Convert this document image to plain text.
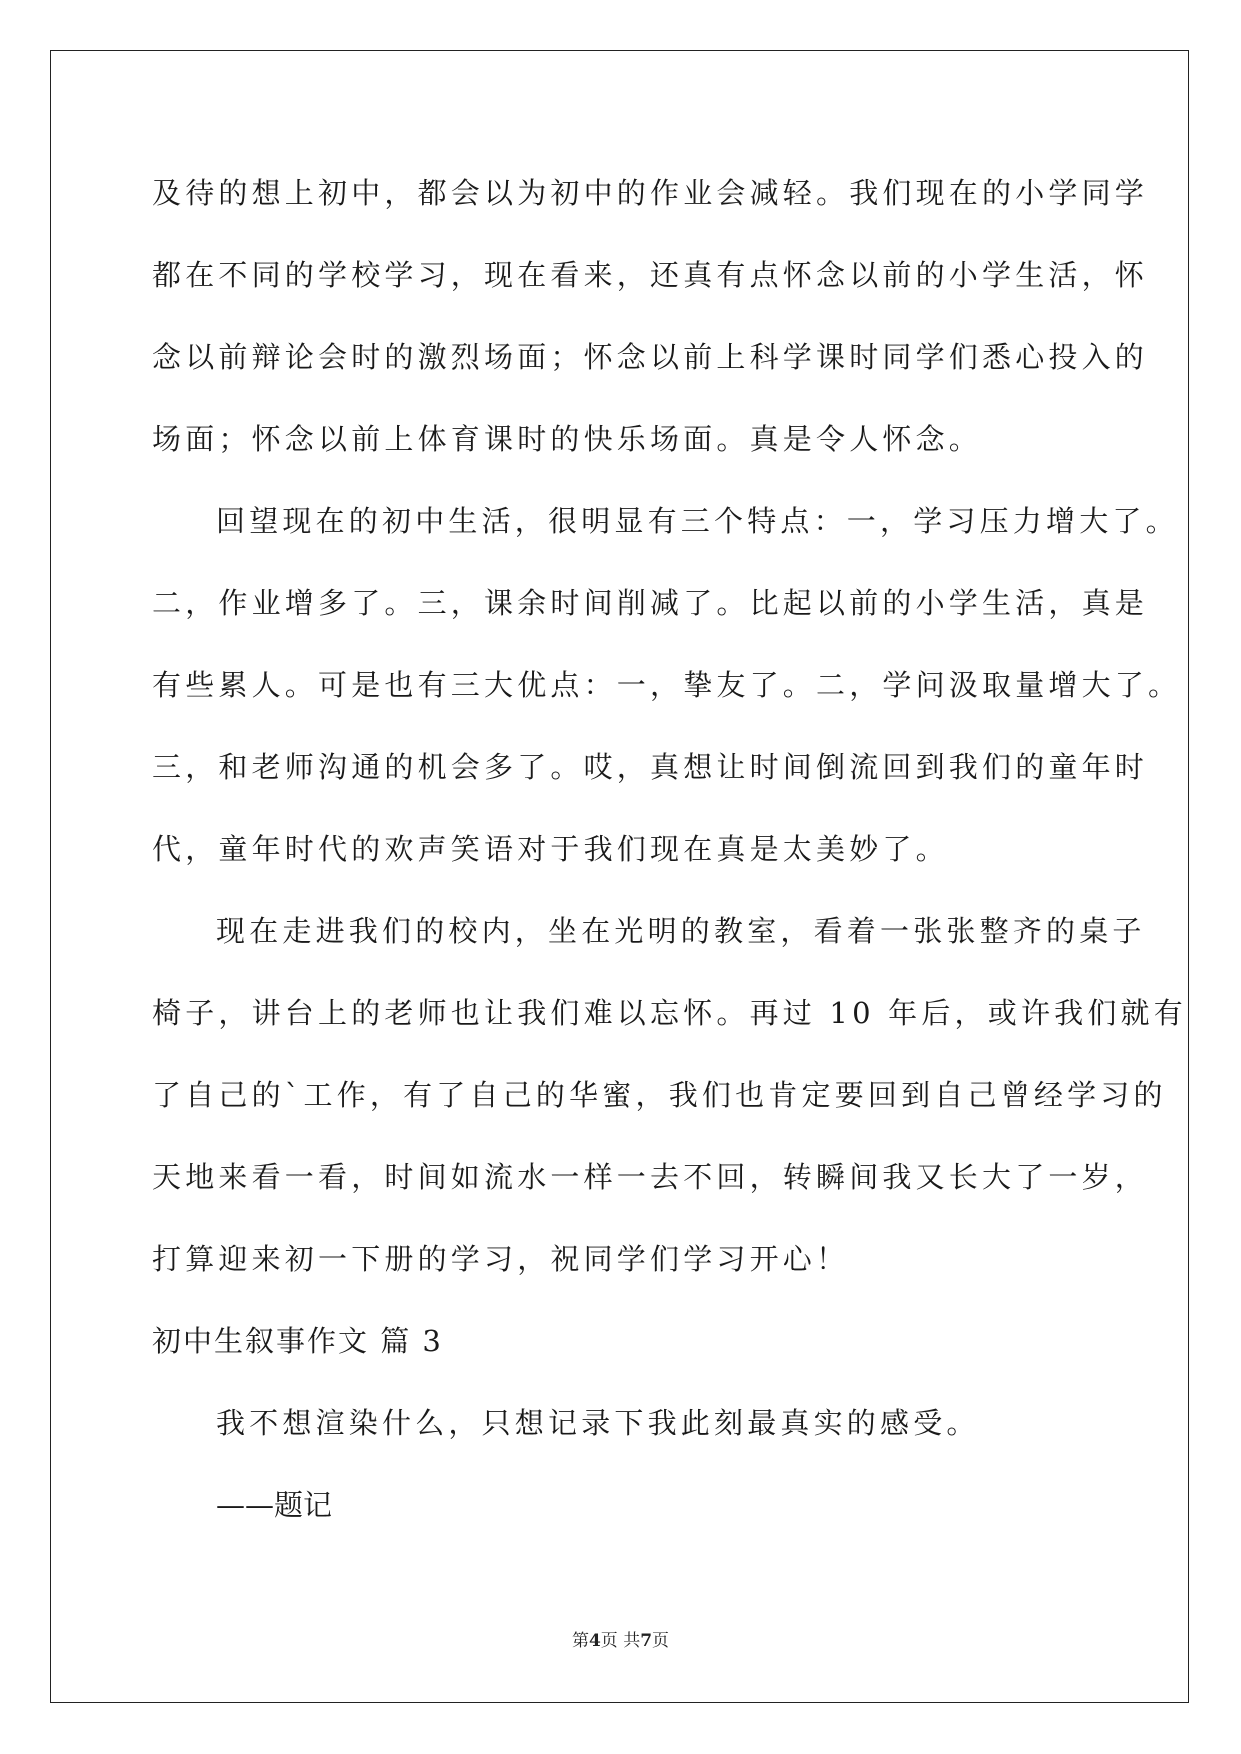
及待的想上初中，都会以为初中的作业会减轻。我们现在的小学同学
都在不同的学校学习，现在看来，还真有点怀念以前的小学生活，怀
念以前辩论会时的激烈场面；怀念以前上科学课时同学们悉心投入的
场面；怀念以前上体育课时的快乐场面。真是令人怀念。
回望现在的初中生活，很明显有三个特点：一，学习压力增大了。
二，作业增多了。三，课余时间削减了。比起以前的小学生活，真是
有些累人。可是也有三大优点：一，挚友了。二，学问汲取量增大了。
三，和老师沟通的机会多了。哎，真想让时间倒流回到我们的童年时
代，童年时代的欢声笑语对于我们现在真是太美妙了。
现在走进我们的校内，坐在光明的教室，看着一张张整齐的桌子
椅子，讲台上的老师也让我们难以忘怀。再过 10 年后，或许我们就有
了自己的`工作，有了自己的华蜜，我们也肯定要回到自己曾经学习的
天地来看一看，时间如流水一样一去不回，转瞬间我又长大了一岁，
打算迎来初一下册的学习，祝同学们学习开心！
初中生叙事作文 篇 3
我不想渲染什么，只想记录下我此刻最真实的感受。
——题记
第4页 共7页
